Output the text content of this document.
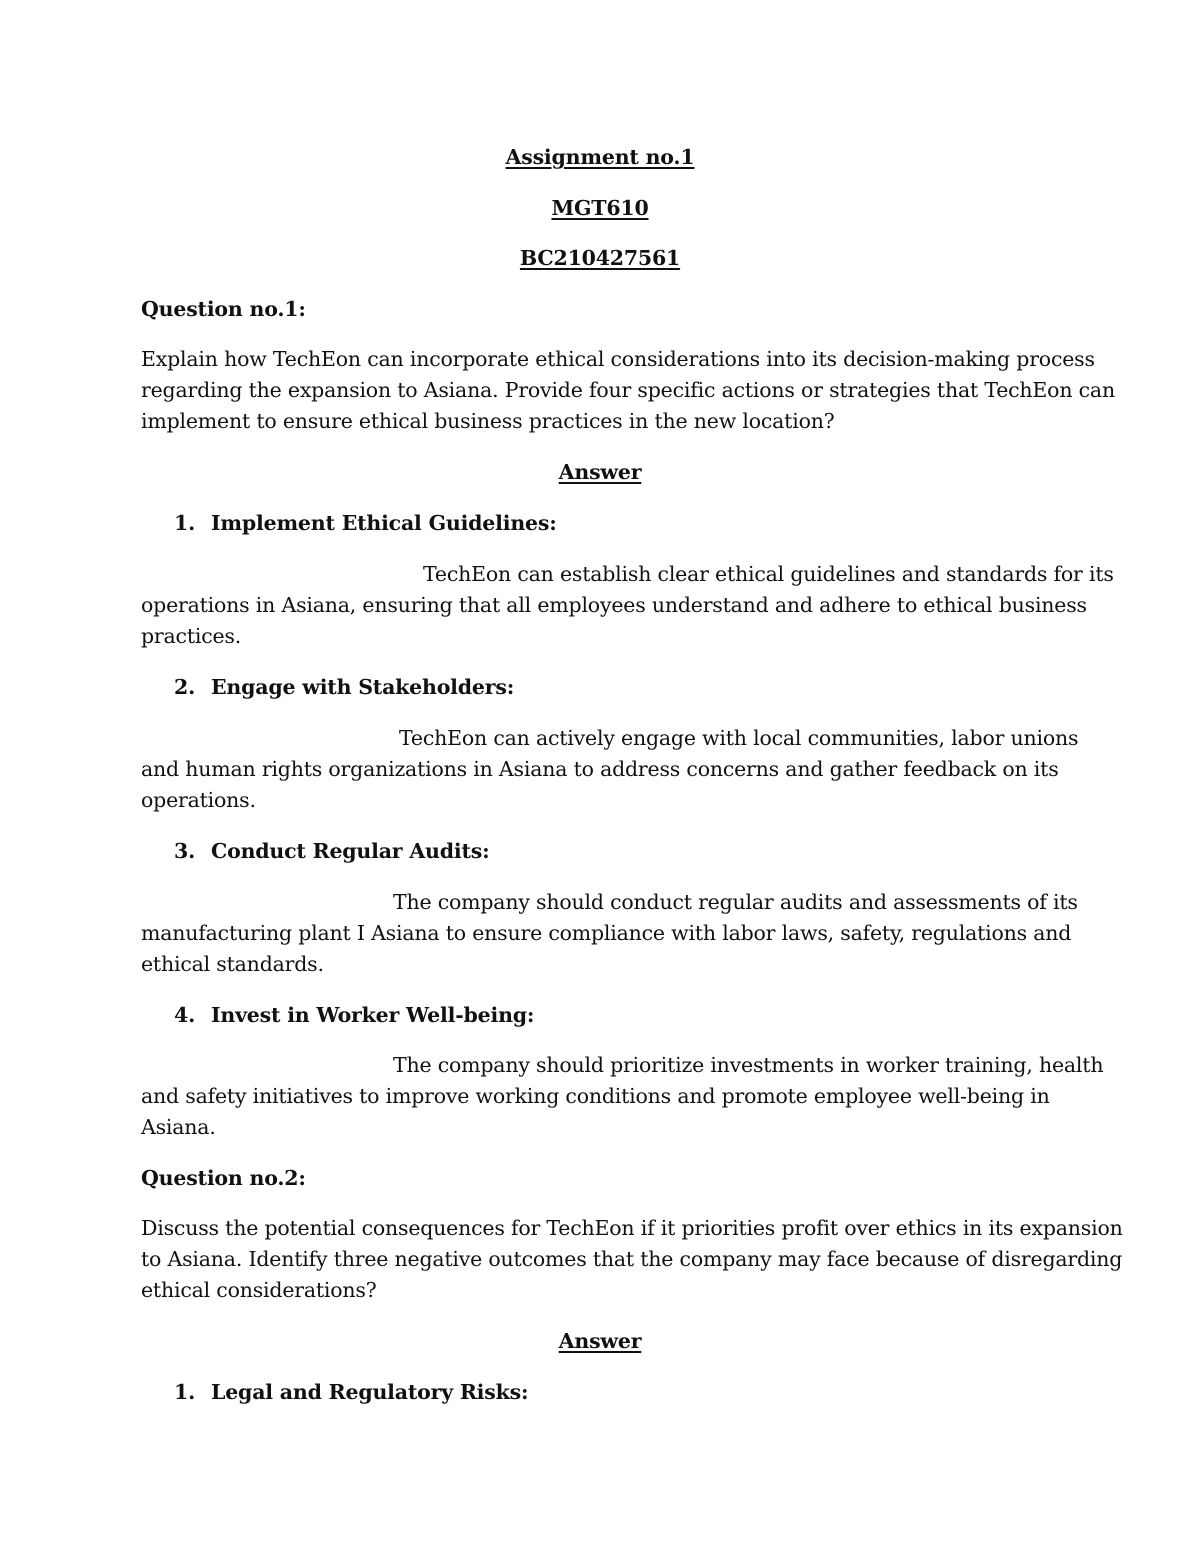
Assignment no.1
MGT610
BC210427561
Question no.1:
Explain how TechEon can incorporate ethical considerations into its decision-making process
regarding the expansion to Asiana. Provide four specific actions or strategies that TechEon can
implement to ensure ethical business practices in the new location?
Answer
1. Implement Ethical Guidelines:
TechEon can establish clear ethical guidelines and standards for its
operations in Asiana, ensuring that all employees understand and adhere to ethical business
practices.
2. Engage with Stakeholders:
TechEon can actively engage with local communities, labor unions
and human rights organizations in Asiana to address concerns and gather feedback on its
operations.
3. Conduct Regular Audits:
The company should conduct regular audits and assessments of its
manufacturing plant I Asiana to ensure compliance with labor laws, safety, regulations and
ethical standards.
4. Invest in Worker Well-being:
The company should prioritize investments in worker training, health
and safety initiatives to improve working conditions and promote employee well-being in
Asiana.
Question no.2:
Discuss the potential consequences for TechEon if it priorities profit over ethics in its expansion
to Asiana. Identify three negative outcomes that the company may face because of disregarding
ethical considerations?
Answer
1. Legal and Regulatory Risks:
